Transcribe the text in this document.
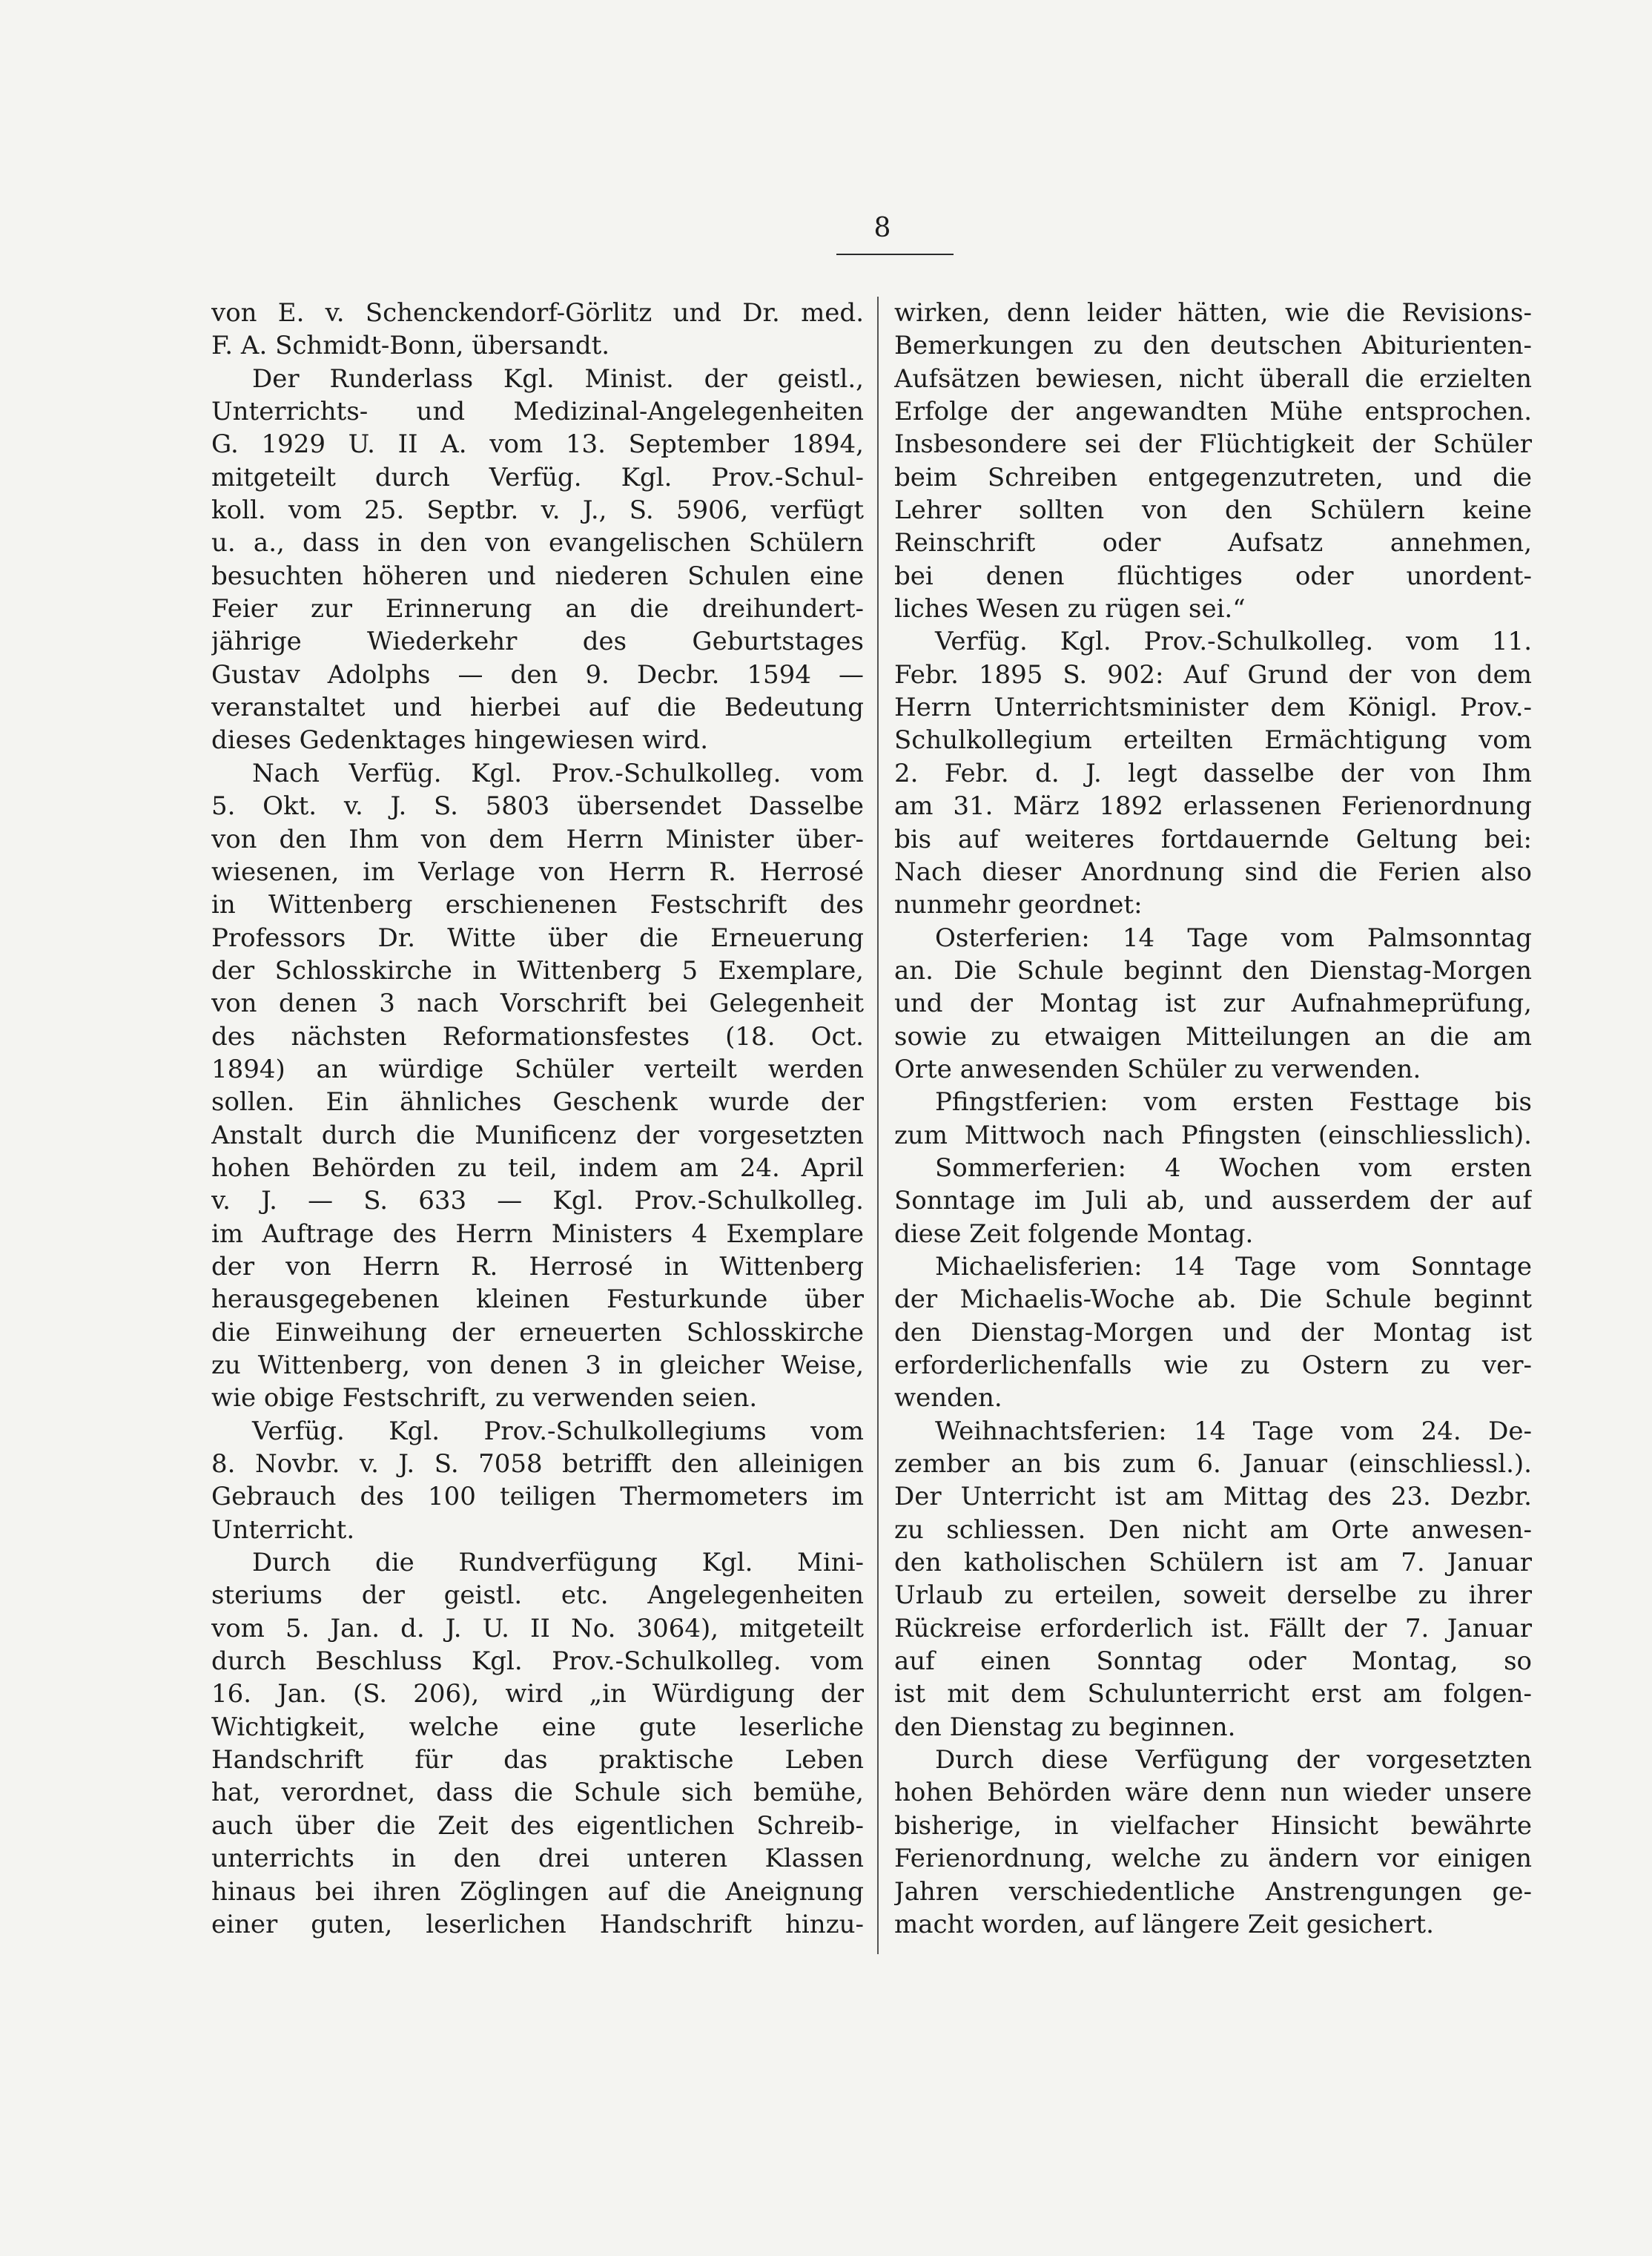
8
von E. v. Schenckendorf-Görlitz und Dr. med.
F. A. Schmidt-Bonn, übersandt.
Der Runderlass Kgl. Minist. der geistl.,
Unterrichts- und Medizinal-Angelegenheiten
G. 1929 U. II A. vom 13. September 1894,
mitgeteilt durch Verfüg. Kgl. Prov.-Schul-
koll. vom 25. Septbr. v. J., S. 5906, verfügt
u. a., dass in den von evangelischen Schülern
besuchten höheren und niederen Schulen eine
Feier zur Erinnerung an die dreihundert-
jährige Wiederkehr des Geburtstages
Gustav Adolphs — den 9. Decbr. 1594 —
veranstaltet und hierbei auf die Bedeutung
dieses Gedenktages hingewiesen wird.
Nach Verfüg. Kgl. Prov.-Schulkolleg. vom
5. Okt. v. J. S. 5803 übersendet Dasselbe
von den Ihm von dem Herrn Minister über-
wiesenen, im Verlage von Herrn R. Herrosé
in Wittenberg erschienenen Festschrift des
Professors Dr. Witte über die Erneuerung
der Schlosskirche in Wittenberg 5 Exemplare,
von denen 3 nach Vorschrift bei Gelegenheit
des nächsten Reformationsfestes (18. Oct.
1894) an würdige Schüler verteilt werden
sollen. Ein ähnliches Geschenk wurde der
Anstalt durch die Munificenz der vorgesetzten
hohen Behörden zu teil, indem am 24. April
v. J. — S. 633 — Kgl. Prov.-Schulkolleg.
im Auftrage des Herrn Ministers 4 Exemplare
der von Herrn R. Herrosé in Wittenberg
herausgegebenen kleinen Festurkunde über
die Einweihung der erneuerten Schlosskirche
zu Wittenberg, von denen 3 in gleicher Weise,
wie obige Festschrift, zu verwenden seien.
Verfüg. Kgl. Prov.-Schulkollegiums vom
8. Novbr. v. J. S. 7058 betrifft den alleinigen
Gebrauch des 100 teiligen Thermometers im
Unterricht.
Durch die Rundverfügung Kgl. Mini-
steriums der geistl. etc. Angelegenheiten
vom 5. Jan. d. J. U. II No. 3064), mitgeteilt
durch Beschluss Kgl. Prov.-Schulkolleg. vom
16. Jan. (S. 206), wird „in Würdigung der
Wichtigkeit, welche eine gute leserliche
Handschrift für das praktische Leben
hat, verordnet, dass die Schule sich bemühe,
auch über die Zeit des eigentlichen Schreib-
unterrichts in den drei unteren Klassen
hinaus bei ihren Zöglingen auf die Aneignung
einer guten, leserlichen Handschrift hinzu-
wirken, denn leider hätten, wie die Revisions-
Bemerkungen zu den deutschen Abiturienten-
Aufsätzen bewiesen, nicht überall die erzielten
Erfolge der angewandten Mühe entsprochen.
Insbesondere sei der Flüchtigkeit der Schüler
beim Schreiben entgegenzutreten, und die
Lehrer sollten von den Schülern keine
Reinschrift oder Aufsatz annehmen,
bei denen flüchtiges oder unordent-
liches Wesen zu rügen sei.“
Verfüg. Kgl. Prov.-Schulkolleg. vom 11.
Febr. 1895 S. 902: Auf Grund der von dem
Herrn Unterrichtsminister dem Königl. Prov.-
Schulkollegium erteilten Ermächtigung vom
2. Febr. d. J. legt dasselbe der von Ihm
am 31. März 1892 erlassenen Ferienordnung
bis auf weiteres fortdauernde Geltung bei:
Nach dieser Anordnung sind die Ferien also
nunmehr geordnet:
Osterferien: 14 Tage vom Palmsonntag
an. Die Schule beginnt den Dienstag-Morgen
und der Montag ist zur Aufnahmeprüfung,
sowie zu etwaigen Mitteilungen an die am
Orte anwesenden Schüler zu verwenden.
Pfingstferien: vom ersten Festtage bis
zum Mittwoch nach Pfingsten (einschliesslich).
Sommerferien: 4 Wochen vom ersten
Sonntage im Juli ab, und ausserdem der auf
diese Zeit folgende Montag.
Michaelisferien: 14 Tage vom Sonntage
der Michaelis-Woche ab. Die Schule beginnt
den Dienstag-Morgen und der Montag ist
erforderlichenfalls wie zu Ostern zu ver-
wenden.
Weihnachtsferien: 14 Tage vom 24. De-
zember an bis zum 6. Januar (einschliessl.).
Der Unterricht ist am Mittag des 23. Dezbr.
zu schliessen. Den nicht am Orte anwesen-
den katholischen Schülern ist am 7. Januar
Urlaub zu erteilen, soweit derselbe zu ihrer
Rückreise erforderlich ist. Fällt der 7. Januar
auf einen Sonntag oder Montag, so
ist mit dem Schulunterricht erst am folgen-
den Dienstag zu beginnen.
Durch diese Verfügung der vorgesetzten
hohen Behörden wäre denn nun wieder unsere
bisherige, in vielfacher Hinsicht bewährte
Ferienordnung, welche zu ändern vor einigen
Jahren verschiedentliche Anstrengungen ge-
macht worden, auf längere Zeit gesichert.
